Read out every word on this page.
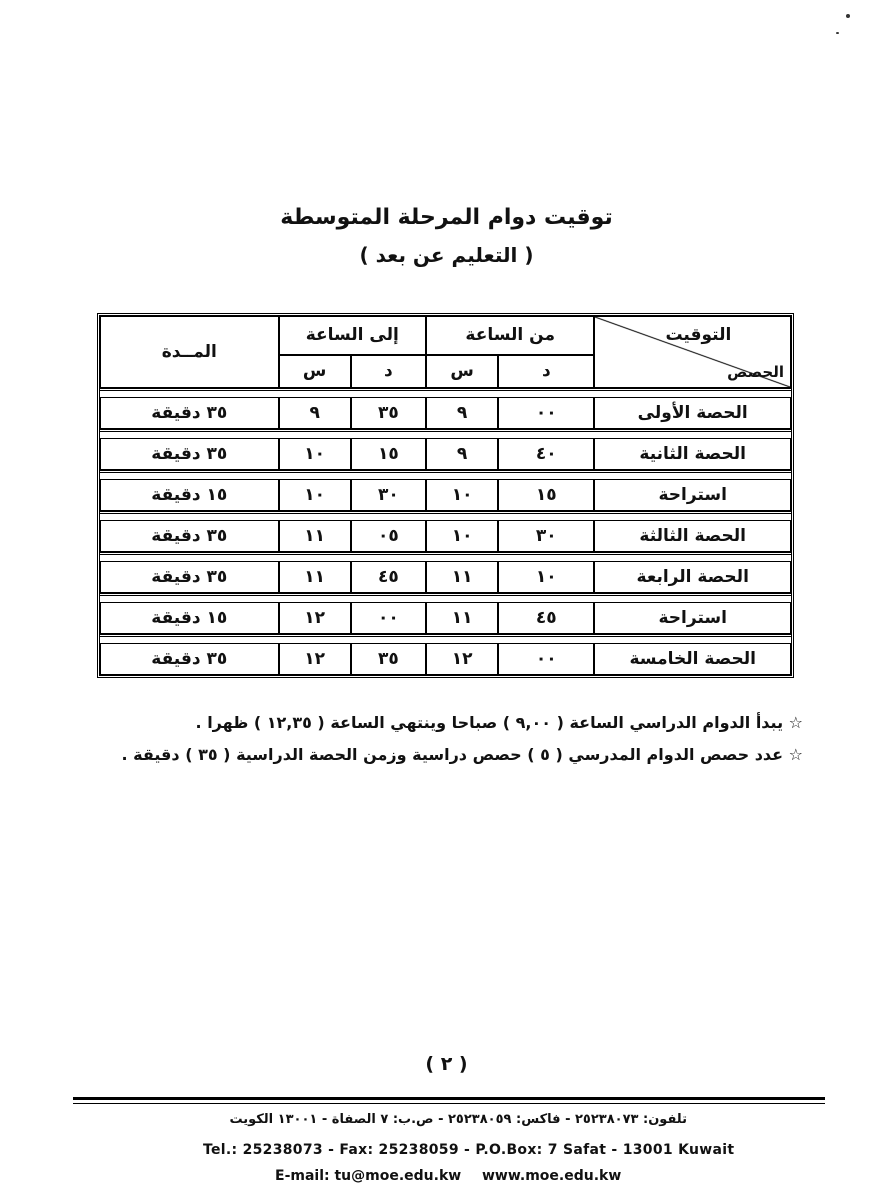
توقيت دوام المرحلة المتوسطة
( التعليم عن بعد )
التوقيت
الحصص	من الساعة		إلى الساعة		المــدة
	د	س	د	س	

الحصة الأولى	٠٠	٩	٣٥	٩	٣٥ دقيقة

الحصة الثانية	٤٠	٩	١٥	١٠	٣٥ دقيقة

استراحة	١٥	١٠	٣٠	١٠	١٥ دقيقة

الحصة الثالثة	٣٠	١٠	٠٥	١١	٣٥ دقيقة

الحصة الرابعة	١٠	١١	٤٥	١١	٣٥ دقيقة

استراحة	٤٥	١١	٠٠	١٢	١٥ دقيقة

الحصة الخامسة	٠٠	١٢	٣٥	١٢	٣٥ دقيقة
☆ يبدأ الدوام الدراسي الساعة ( ٩,٠٠ ) صباحا وينتهي الساعة ( ١٢,٣٥ ) ظهرا .
☆ عدد حصص الدوام المدرسي ( ٥ ) حصص دراسية وزمن الحصة الدراسية ( ٣٥ ) دقيقة .
( ٢ )
تلفون: ٢٥٢٣٨٠٧٣ - فاكس: ٢٥٢٣٨٠٥٩ - ص.ب: ٧ الصفاة - ١٣٠٠١ الكويت
Tel.: 25238073 - Fax: 25238059 - P.O.Box: 7 Safat - 13001 Kuwait
E-mail: tu@moe.edu.kw www.moe.edu.kw
